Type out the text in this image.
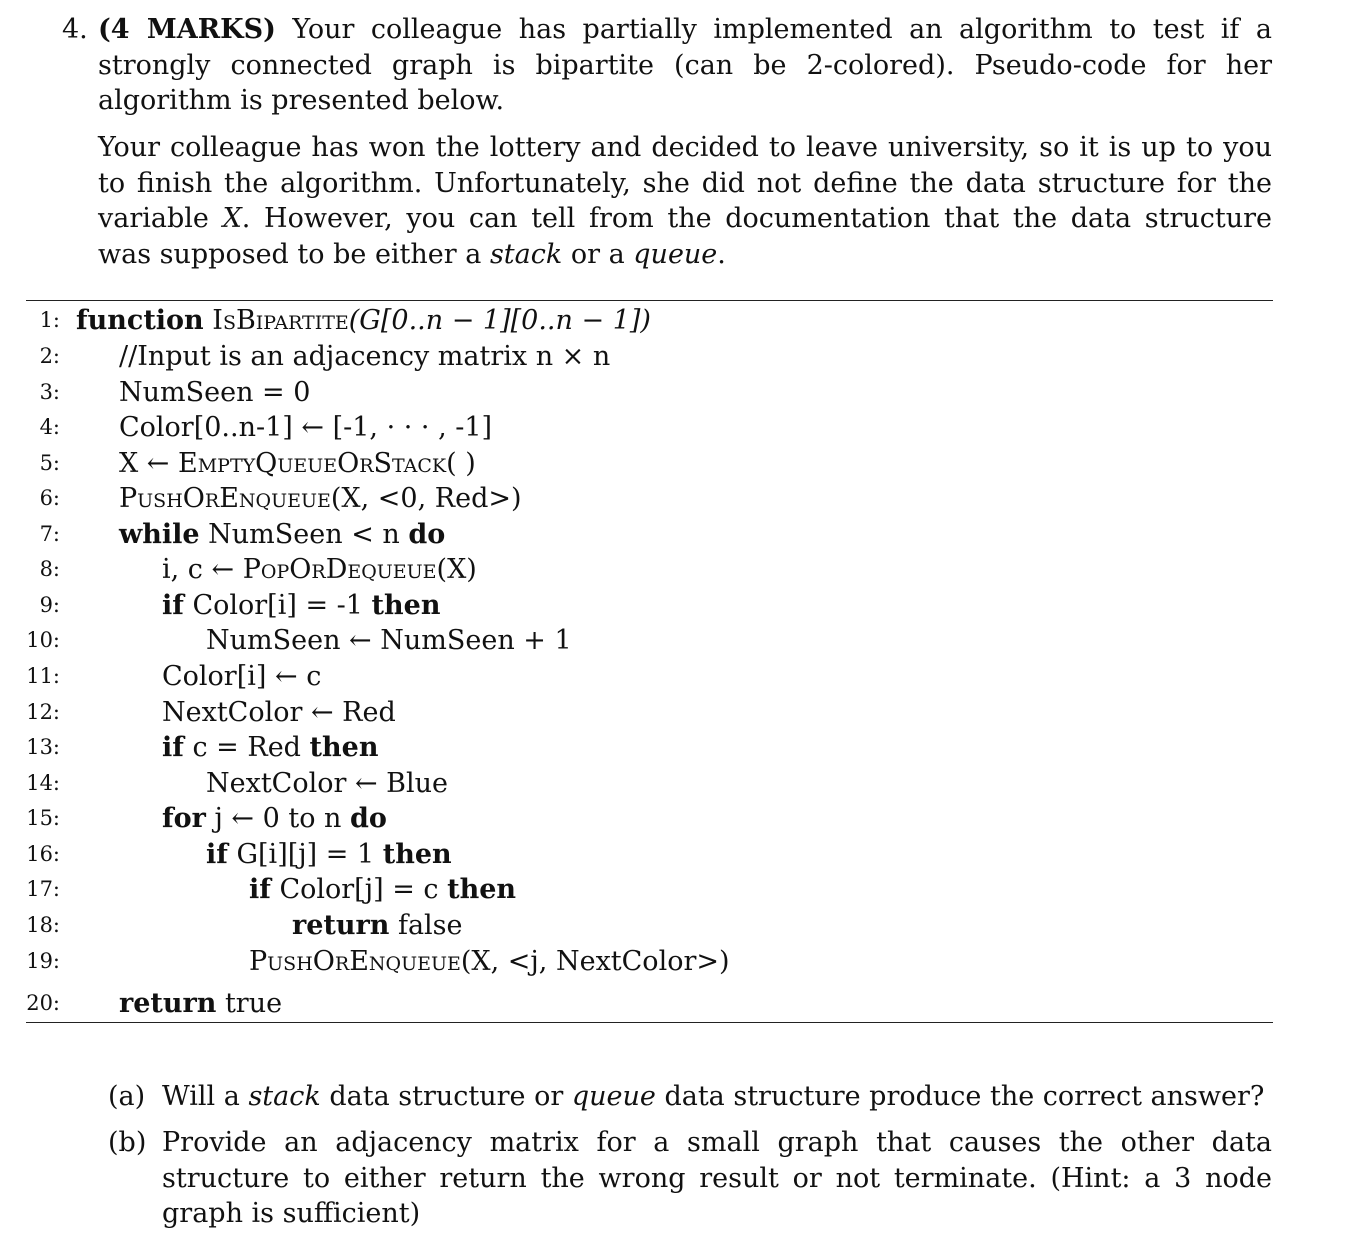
4. (4 MARKS) Your colleague has partially implemented an algorithm to test if a strongly connected graph is bipartite (can be 2-colored). Pseudo-code for her algorithm is presented below.
Your colleague has won the lottery and decided to leave university, so it is up to you to finish the algorithm. Unfortunately, she did not define the data structure for the variable X. However, you can tell from the documentation that the data structure was supposed to be either a stack or a queue.
1:
2:
3:
4:
5:
6:
7:
8:
9:
10:
11:
12:
13:
14:
15:
16:
17:
18:
19:
20:
function IsBipartite(G[0..n − 1][0..n − 1])
//Input is an adjacency matrix n × n
NumSeen = 0
Color[0..n-1] ← [-1, · · · , -1]
X ← EmptyQueueOrStack( )
PushOrEnqueue(X, <0, Red>)
while NumSeen < n do
i, c ← PopOrDequeue(X)
if Color[i] = -1 then
NumSeen ← NumSeen + 1
Color[i] ← c
NextColor ← Red
if c = Red then
NextColor ← Blue
for j ← 0 to n do
if G[i][j] = 1 then
if Color[j] = c then
return false
PushOrEnqueue(X, <j, NextColor>)
return true
(a) Will a stack data structure or queue data structure produce the correct answer?
(b) Provide an adjacency matrix for a small graph that causes the other data structure to either return the wrong result or not terminate. (Hint: a 3 node graph is sufficient)
